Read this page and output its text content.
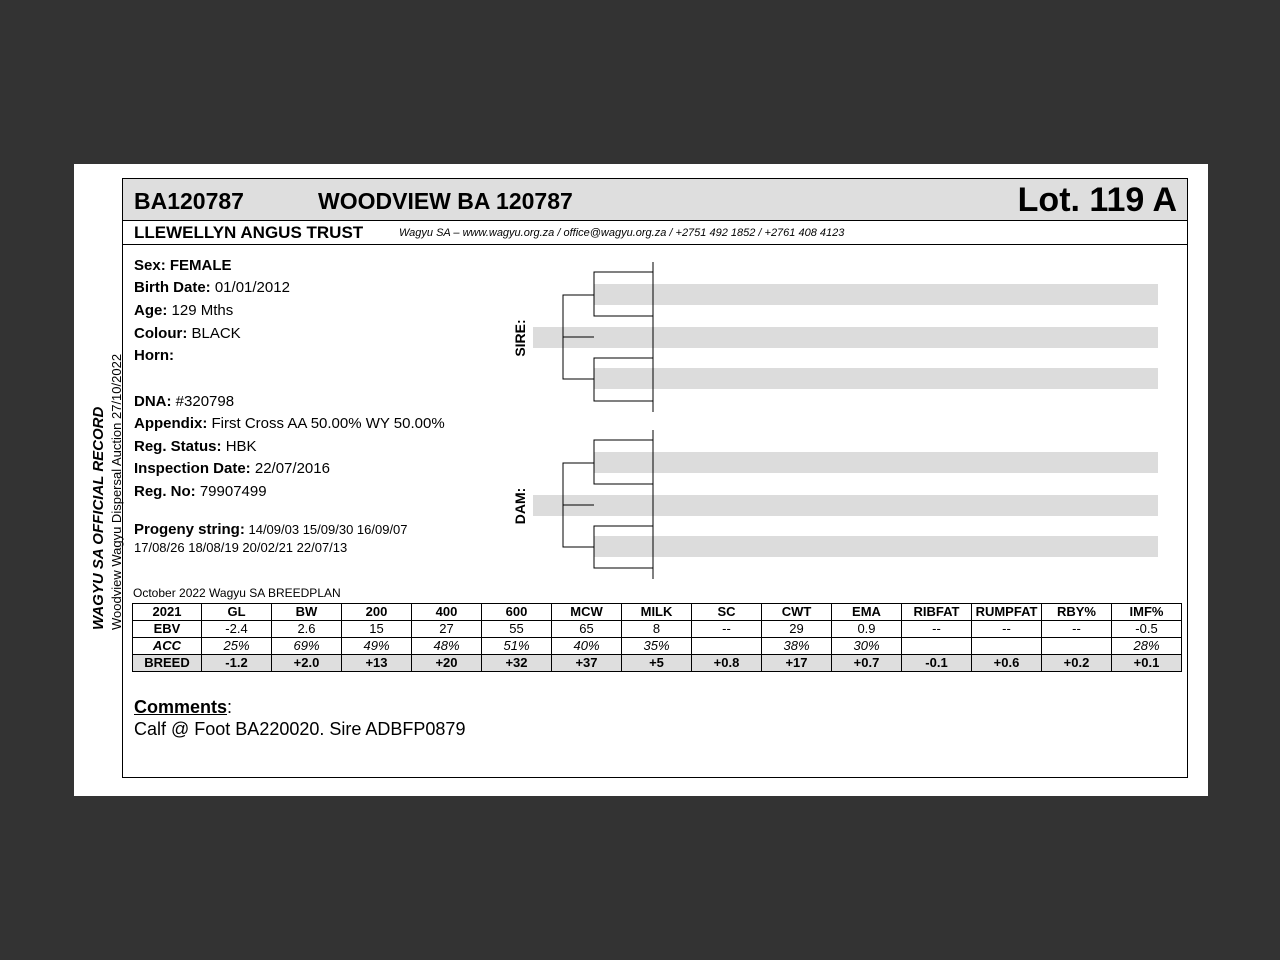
WAGYU SA OFFICIAL RECORD Woodview Wagyu Dispersal Auction 27/10/2022
BA120787	WOODVIEW BA 120787	Lot. 119 A
LLEWELLYN ANGUS TRUST	Wagyu SA – www.wagyu.org.za / office@wagyu.org.za / +2751 492 1852 / +2761 408 4123
Sex: FEMALE
Birth Date: 01/01/2012
Age: 129 Mths
Colour: BLACK
Horn:
DNA: #320798
Appendix: First Cross AA 50.00% WY 50.00%
Reg. Status: HBK
Inspection Date: 22/07/2016
Reg. No: 79907499
Progeny string: 14/09/03 15/09/30 16/09/07
17/08/26 18/08/19 20/02/21 22/07/13
SIRE:
DAM:
October 2022 Wagyu SA BREEDPLAN
2021	GL	BW	200	400	600	MCW	MILK	SC	CWT	EMA	RIBFAT	RUMPFAT	RBY%	IMF%
EBV	-2.4	2.6	15	27	55	65	8	--	29	0.9	--	--	--	-0.5
ACC	25%	69%	49%	48%	51%	40%	35%		38%	30%				28%
BREED	-1.2	+2.0	+13	+20	+32	+37	+5	+0.8	+17	+0.7	-0.1	+0.6	+0.2	+0.1
Comments:
Calf @ Foot BA220020. Sire ADBFP0879
